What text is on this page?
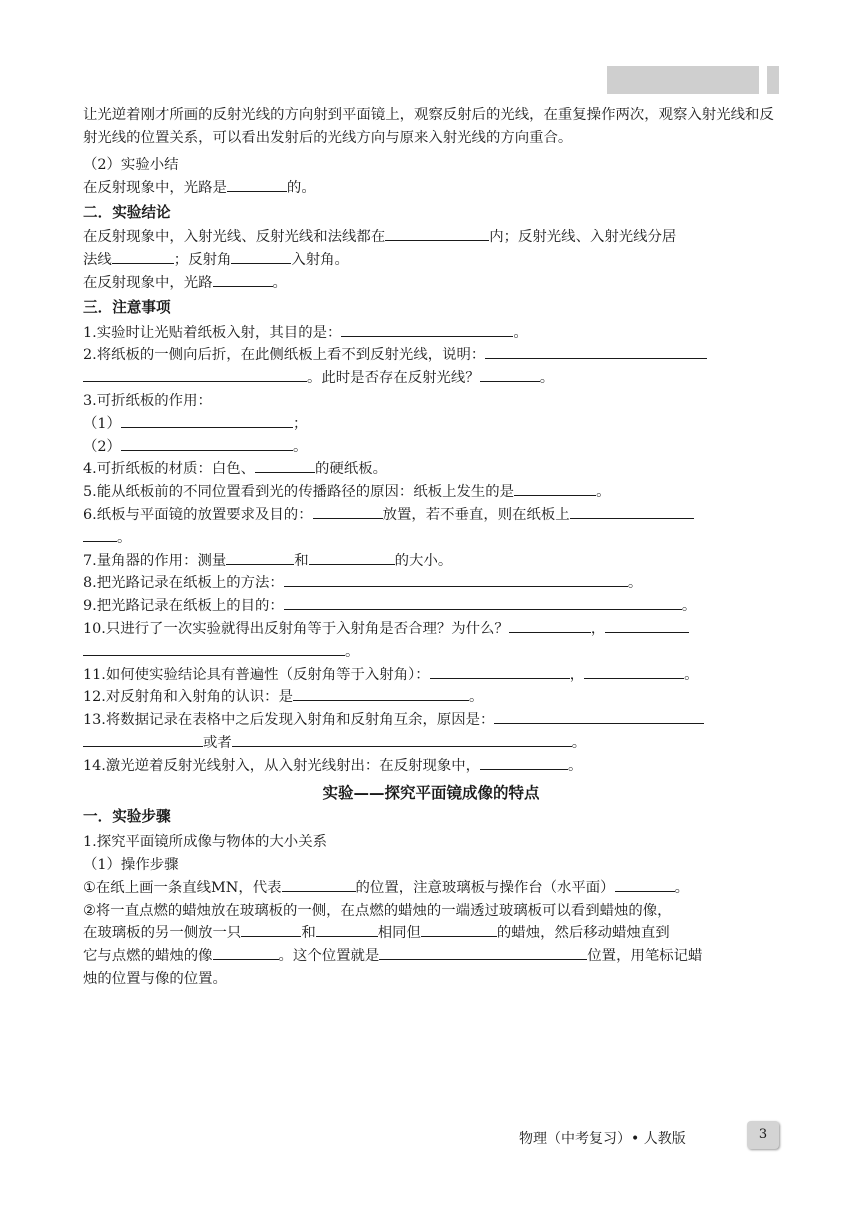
让光逆着刚才所画的反射光线的方向射到平面镜上，观察反射后的光线，在重复操作两次，观察入射光线和反射光线的位置关系，可以看出发射后的光线方向与原来入射光线的方向重合。
（2）实验小结
在反射现象中，光路是	的。
二．实验结论
在反射现象中，入射光线、反射光线和法线都在	内；反射光线、入射光线分居
法线	；反射角	入射角。
在反射现象中，光路	。
三．注意事项
1.实验时让光贴着纸板入射，其目的是：	。
2.将纸板的一侧向后折，在此侧纸板上看不到反射光线，说明：
。此时是否存在反射光线？	。
3.可折纸板的作用：
（1）	；
（2）	。
4.可折纸板的材质：白色、	的硬纸板。
5.能从纸板前的不同位置看到光的传播路径的原因：纸板上发生的是	。
6.纸板与平面镜的放置要求及目的：	放置，若不垂直，则在纸板上
。
7.量角器的作用：测量	和	的大小。
8.把光路记录在纸板上的方法：	。
9.把光路记录在纸板上的目的：	。
10.只进行了一次实验就得出反射角等于入射角是否合理？为什么？	，
。
11.如何使实验结论具有普遍性（反射角等于入射角）：	，	。
12.对反射角和入射角的认识：是	。
13.将数据记录在表格中之后发现入射角和反射角互余，原因是：
或者	。
14.激光逆着反射光线射入，从入射光线射出：在反射现象中，	。
实验——探究平面镜成像的特点
一．实验步骤
1.探究平面镜所成像与物体的大小关系
（1）操作步骤
①在纸上画一条直线MN，代表	的位置，注意玻璃板与操作台（水平面）	。
②将一直点燃的蜡烛放在玻璃板的一侧，在点燃的蜡烛的一端透过玻璃板可以看到蜡烛的像，
在玻璃板的另一侧放一只	和	相同但	的蜡烛，然后移动蜡烛直到
它与点燃的蜡烛的像	。这个位置就是	位置，用笔标记蜡
烛的位置与像的位置。
物理（中考复习）• 人教版	3
